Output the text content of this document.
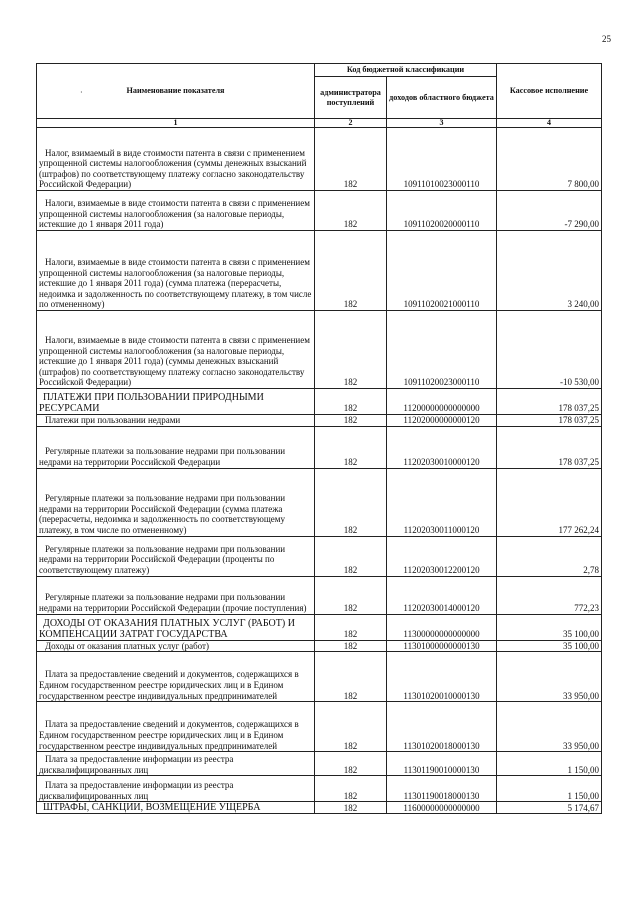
25
·	Наименование показателя	Код бюджетной классификации		Кассовое исполнение
	администратора поступлений	доходов областного бюджета	
1	2	3	4

Налог, взимаемый в виде стоимости патента в связи с применением упрощенной системы налогообложения (суммы денежных взысканий (штрафов) по соответствующему платежу согласно законодательству Российской Федерации)	182	10911010023000110	7 800,00

Налоги, взимаемые в виде стоимости патента в связи с применением упрощенной системы налогообложения (за налоговые периоды, истекшие до 1 января 2011 года)	182	10911020020000110	-7 290,00

Налоги, взимаемые в виде стоимости патента в связи с применением упрощенной системы налогообложения (за налоговые периоды, истекшие до 1 января 2011 года) (сумма платежа (перерасчеты, недоимка и задолженность по соответствующему платежу, в том числе по отмененному)	182	10911020021000110	3 240,00

Налоги, взимаемые в виде стоимости патента в связи с применением упрощенной системы налогообложения (за налоговые периоды, истекшие до 1 января 2011 года) (суммы денежных взысканий (штрафов) по соответствующему платежу согласно законодательству Российской Федерации)	182	10911020023000110	-10 530,00

ПЛАТЕЖИ ПРИ ПОЛЬЗОВАНИИ ПРИРОДНЫМИ РЕСУРСАМИ	182	11200000000000000	178 037,25

Платежи при пользовании недрами	182	11202000000000120	178 037,25

Регулярные платежи за пользование недрами при пользовании недрами на территории Российской Федерации	182	11202030010000120	178 037,25

Регулярные платежи за пользование недрами при пользовании недрами на территории Российской Федерации (сумма платежа (перерасчеты, недоимка и задолженность по соответствующему платежу, в том числе по отмененному)	182	11202030011000120	177 262,24

Регулярные платежи за пользование недрами при пользовании недрами на территории Российской Федерации (проценты по соответствующему платежу)	182	11202030012200120	2,78

Регулярные платежи за пользование недрами при пользовании недрами на территории Российской Федерации (прочие поступления)	182	11202030014000120	772,23

ДОХОДЫ ОТ ОКАЗАНИЯ ПЛАТНЫХ УСЛУГ (РАБОТ) И КОМПЕНСАЦИИ ЗАТРАТ ГОСУДАРСТВА	182	11300000000000000	35 100,00

Доходы от оказания платных услуг (работ)	182	11301000000000130	35 100,00

Плата за предоставление сведений и документов, содержащихся в Едином государственном реестре юридических лиц и в Едином государственном реестре индивидуальных предпринимателей	182	11301020010000130	33 950,00

Плата за предоставление сведений и документов, содержащихся в Едином государственном реестре юридических лиц и в Едином государственном реестре индивидуальных предпринимателей	182	11301020018000130	33 950,00

Плата за предоставление информации из реестра дисквалифицированных лиц	182	11301190010000130	1 150,00

Плата за предоставление информации из реестра дисквалифицированных лиц	182	11301190018000130	1 150,00

ШТРАФЫ, САНКЦИИ, ВОЗМЕЩЕНИЕ УЩЕРБА	182	11600000000000000	5 174,67
